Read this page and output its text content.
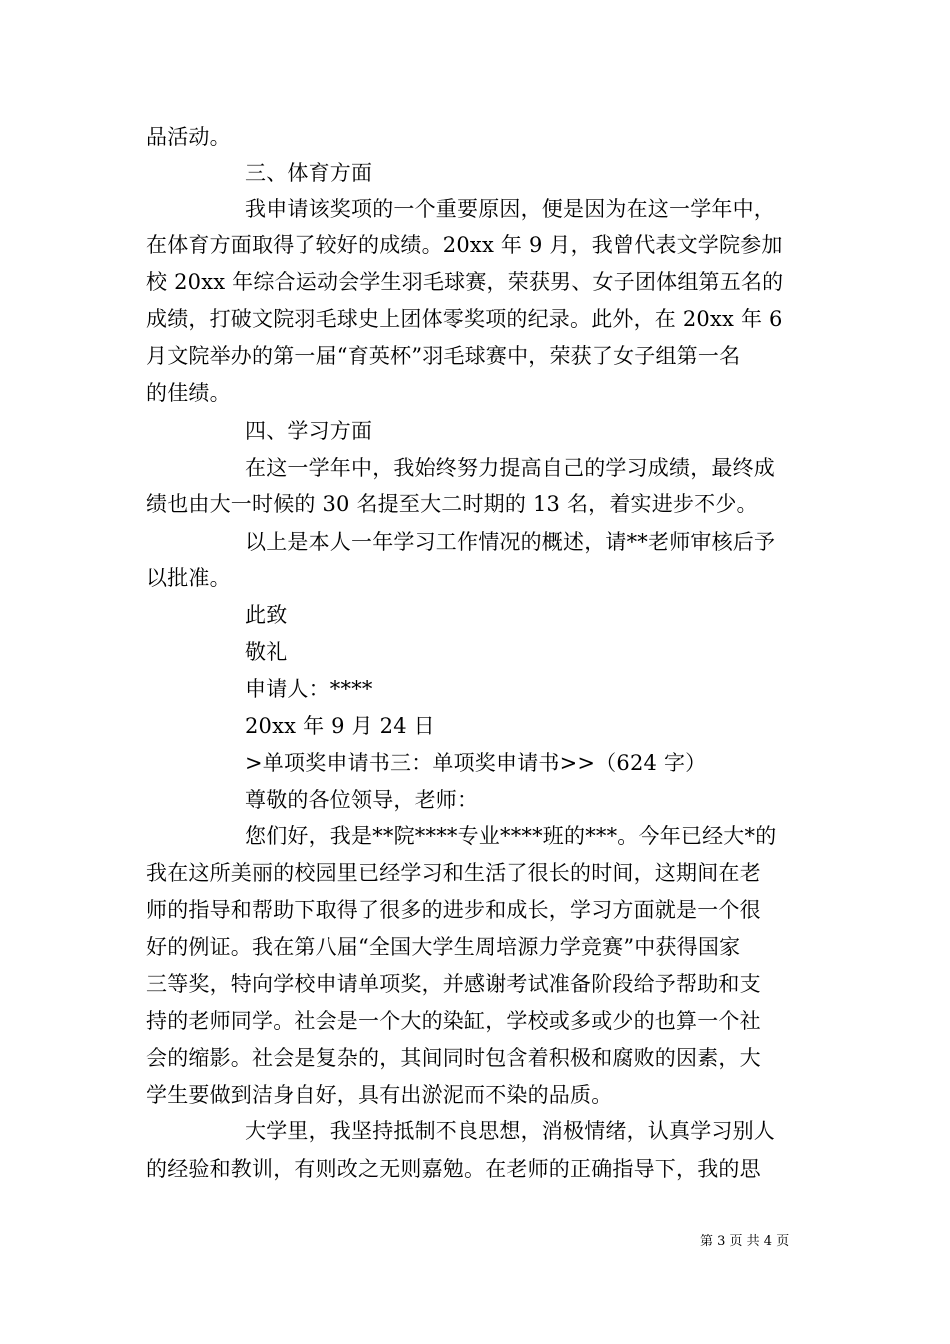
品活动。
三、体育方面
我申请该奖项的一个重要原因，便是因为在这一学年中，
在体育方面取得了较好的成绩。20xx 年 9 月，我曾代表文学院参加
校 20xx 年综合运动会学生羽毛球赛，荣获男、女子团体组第五名的
成绩，打破文院羽毛球史上团体零奖项的纪录。此外，在 20xx 年 6
月文院举办的第一届“育英杯”羽毛球赛中，荣获了女子组第一名
的佳绩。
四、学习方面
在这一学年中，我始终努力提高自己的学习成绩，最终成
绩也由大一时候的 30 名提至大二时期的 13 名，着实进步不少。
以上是本人一年学习工作情况的概述，请**老师审核后予
以批准。
此致
敬礼
申请人：****
20xx 年 9 月 24 日
>单项奖申请书三：单项奖申请书>>（624 字）
尊敬的各位领导，老师：
您们好，我是**院****专业****班的***。今年已经大*的
我在这所美丽的校园里已经学习和生活了很长的时间，这期间在老
师的指导和帮助下取得了很多的进步和成长，学习方面就是一个很
好的例证。我在第八届“全国大学生周培源力学竞赛”中获得国家
三等奖，特向学校申请单项奖，并感谢考试准备阶段给予帮助和支
持的老师同学。社会是一个大的染缸，学校或多或少的也算一个社
会的缩影。社会是复杂的，其间同时包含着积极和腐败的因素，大
学生要做到洁身自好，具有出淤泥而不染的品质。
大学里，我坚持抵制不良思想，消极情绪，认真学习别人
的经验和教训，有则改之无则嘉勉。在老师的正确指导下，我的思
第 3 页 共 4 页
